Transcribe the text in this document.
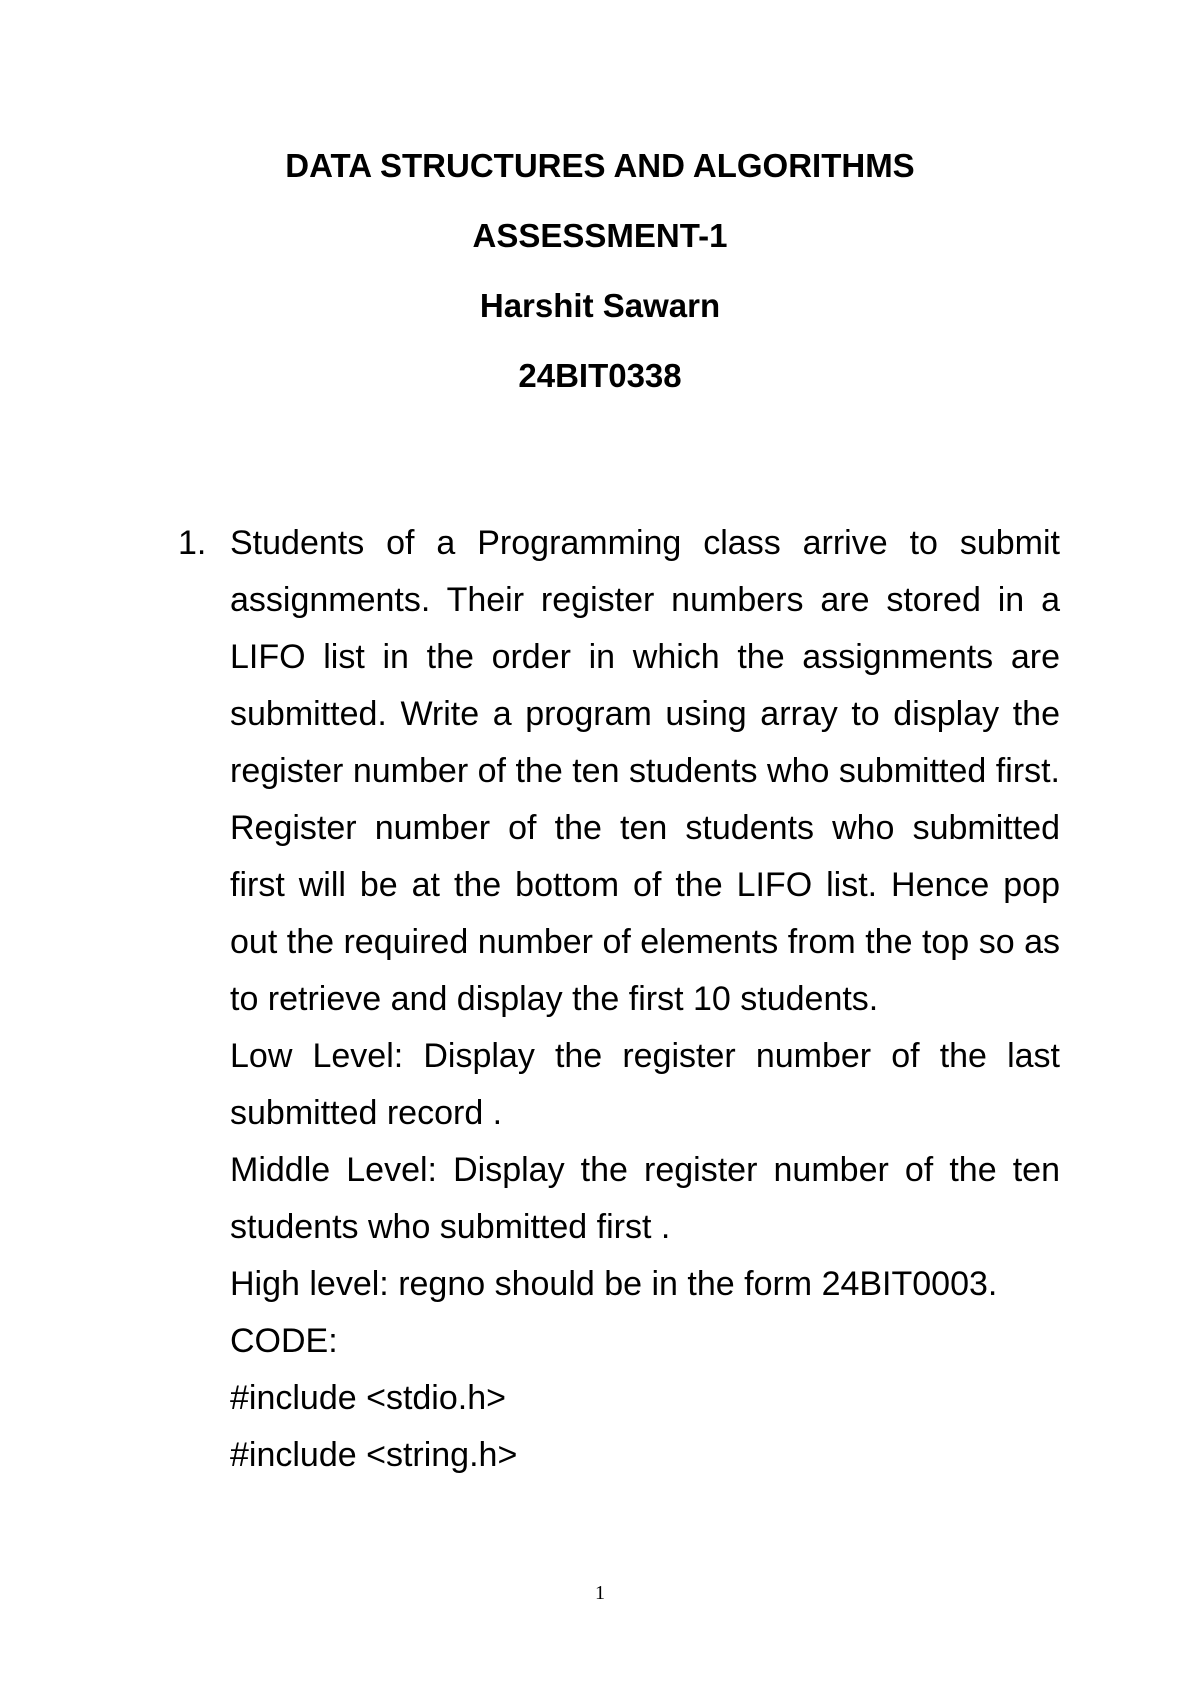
DATA STRUCTURES AND ALGORITHMS
ASSESSMENT-1
Harshit Sawarn
24BIT0338
1. Students of a Programming class arrive to submit assignments. Their register numbers are stored in a LIFO list in the order in which the assignments are submitted. Write a program using array to display the register number of the ten students who submitted first. Register number of the ten students who submitted first will be at the bottom of the LIFO list. Hence pop out the required number of elements from the top so as to retrieve and display the first 10 students.

Low Level: Display the register number of the last submitted record .

Middle Level: Display the register number of the ten students who submitted first .

High level: regno should be in the form 24BIT0003.

CODE:

#include <stdio.h>

#include <string.h>

1
